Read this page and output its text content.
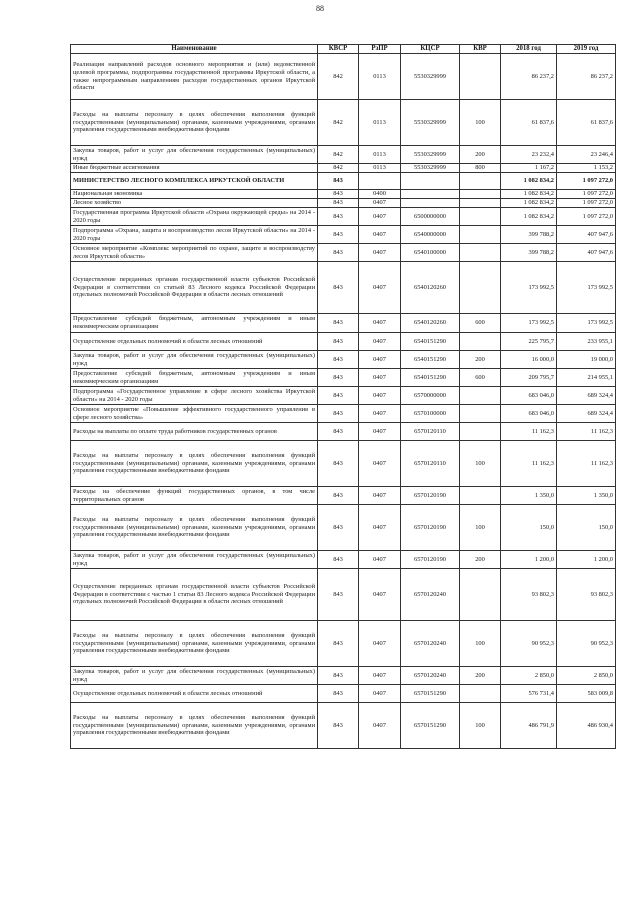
88
Наименование	КВСР	РзПР	КЦСР	КВР	2018 год	2019 год
Реализация направлений расходов основного мероприятия и (или) ведомственной целевой программы, подпрограммы государственной программы Иркутской области, а также непрограммным направлениям расходов государственных органов Иркутской области	842	0113	5530329999		86 237,2	86 237,2
Расходы на выплаты персоналу в целях обеспечения выполнения функций государственными (муниципальными) органами, казенными учреждениями, органами управления государственными внебюджетными фондами	842	0113	5530329999	100	61 837,6	61 837,6
Закупка товаров, работ и услуг для обеспечения государственных (муниципальных) нужд	842	0113	5530329999	200	23 232,4	23 246,4
Иные бюджетные ассигнования	842	0113	5530329999	800	1 167,2	1 153,2
МИНИСТЕРСТВО ЛЕСНОГО КОМПЛЕКСА ИРКУТСКОЙ ОБЛАСТИ	843				1 082 834,2	1 097 272,0
Национальная экономика	843	0400			1 082 834,2	1 097 272,0
Лесное хозяйство	843	0407			1 082 834,2	1 097 272,0
Государственная программа Иркутской области «Охрана окружающей среды» на 2014 - 2020 годы	843	0407	6500000000		1 082 834,2	1 097 272,0
Подпрограмма «Охрана, защита и воспроизводство лесов Иркутской области» на 2014 - 2020 годы	843	0407	6540000000		399 788,2	407 947,6
Основное мероприятие «Комплекс мероприятий по охране, защите и воспроизводству лесов Иркутской области»	843	0407	6540100000		399 788,2	407 947,6
Осуществление переданных органам государственной власти субъектов Российской Федерации в соответствии со статьей 83 Лесного кодекса Российской Федерации отдельных полномочий Российской Федерации в области лесных отношений	843	0407	6540120260		173 992,5	173 992,5
Предоставление субсидий бюджетным, автономным учреждениям и иным некоммерческим организациям	843	0407	6540120260	600	173 992,5	173 992,5
Осуществление отдельных полномочий в области лесных отношений	843	0407	6540151290		225 795,7	233 955,1
Закупка товаров, работ и услуг для обеспечения государственных (муниципальных) нужд	843	0407	6540151290	200	16 000,0	19 000,0
Предоставление субсидий бюджетным, автономным учреждениям и иным некоммерческим организациям	843	0407	6540151290	600	209 795,7	214 955,1
Подпрограмма «Государственное управление в сфере лесного хозяйства Иркутской области» на 2014 - 2020 годы	843	0407	6570000000		683 046,0	689 324,4
Основное мероприятие «Повышение эффективного государственного управления в сфере лесного хозяйства»	843	0407	6570100000		683 046,0	689 324,4
Расходы на выплаты по оплате труда работников государственных органов	843	0407	6570120110		11 162,3	11 162,3
Расходы на выплаты персоналу в целях обеспечения выполнения функций государственными (муниципальными) органами, казенными учреждениями, органами управления государственными внебюджетными фондами	843	0407	6570120110	100	11 162,3	11 162,3
Расходы на обеспечение функций государственных органов, в том числе территориальных органов	843	0407	6570120190		1 350,0	1 350,0
Расходы на выплаты персоналу в целях обеспечения выполнения функций государственными (муниципальными) органами, казенными учреждениями, органами управления государственными внебюджетными фондами	843	0407	6570120190	100	150,0	150,0
Закупка товаров, работ и услуг для обеспечения государственных (муниципальных) нужд	843	0407	6570120190	200	1 200,0	1 200,0
Осуществление переданных органам государственной власти субъектов Российской Федерации в соответствии с частью 1 статьи 83 Лесного кодекса Российской Федерации отдельных полномочий Российской Федерации в области лесных отношений	843	0407	6570120240		93 802,3	93 802,3
Расходы на выплаты персоналу в целях обеспечения выполнения функций государственными (муниципальными) органами, казенными учреждениями, органами управления государственными внебюджетными фондами	843	0407	6570120240	100	90 952,3	90 952,3
Закупка товаров, работ и услуг для обеспечения государственных (муниципальных) нужд	843	0407	6570120240	200	2 850,0	2 850,0
Осуществление отдельных полномочий в области лесных отношений	843	0407	6570151290		576 731,4	583 009,8
Расходы на выплаты персоналу в целях обеспечения выполнения функций государственными (муниципальными) органами, казенными учреждениями, органами управления государственными внебюджетными фондами	843	0407	6570151290	100	486 791,9	486 930,4
